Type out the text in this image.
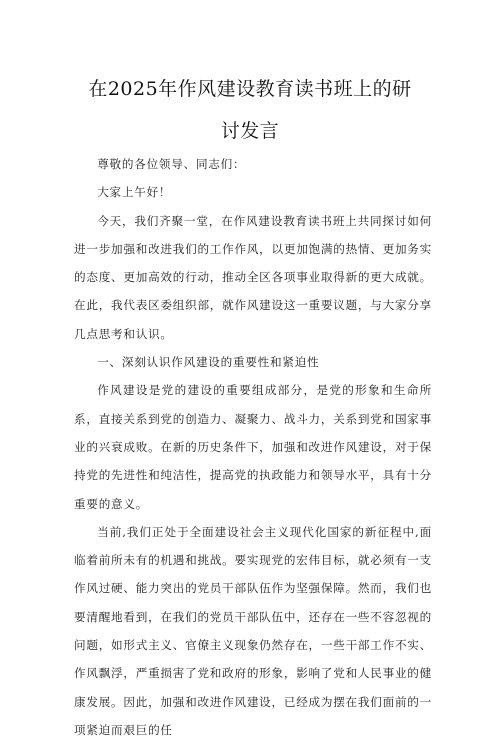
在2025年作风建设教育读书班上的研
讨发言

尊敬的各位领导、同志们：

大家上午好！

今天，我们齐聚一堂，在作风建设教育读书班上共同探讨如何进一步加强和改进我们的工作作风，以更加饱满的热情、更加务实的态度、更加高效的行动，推动全区各项事业取得新的更大成就。在此，我代表区委组织部，就作风建设这一重要议题，与大家分享几点思考和认识。

一、深刻认识作风建设的重要性和紧迫性

作风建设是党的建设的重要组成部分，是党的形象和生命所系，直接关系到党的创造力、凝聚力、战斗力，关系到党和国家事业的兴衰成败。在新的历史条件下，加强和改进作风建设，对于保持党的先进性和纯洁性，提高党的执政能力和领导水平，具有十分重要的意义。

当前,我们正处于全面建设社会主义现代化国家的新征程中,面临着前所未有的机遇和挑战。要实现党的宏伟目标，就必须有一支作风过硬、能力突出的党员干部队伍作为坚强保障。然而，我们也要清醒地看到，在我们的党员干部队伍中，还存在一些不容忽视的问题，如形式主义、官僚主义现象仍然存在，一些干部工作不实、作风飘浮，严重损害了党和政府的形象，影响了党和人民事业的健康发展。因此，加强和改进作风建设，已经成为摆在我们面前的一项紧迫而艰巨的任
